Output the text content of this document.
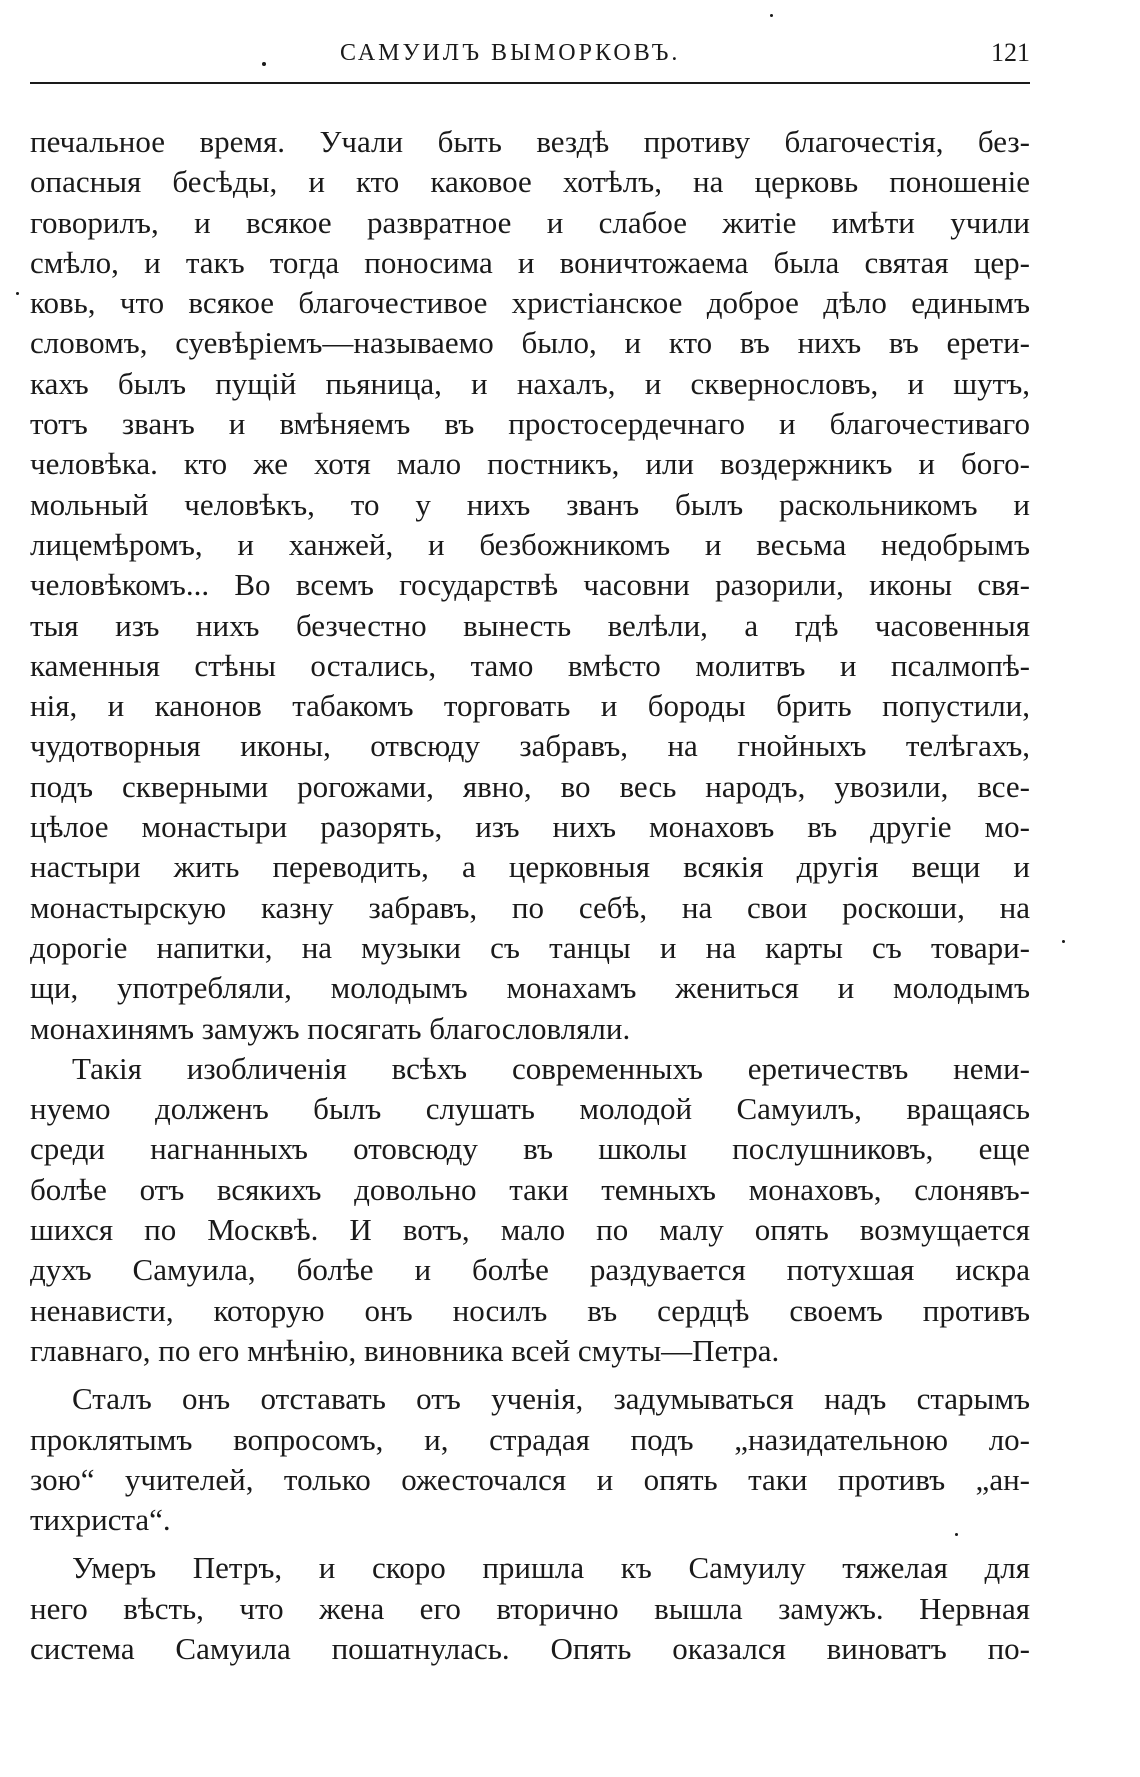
САМУИЛЪ ВЫМОРКОВЪ.	121
печальное время. Учали быть вездѣ противу благочестія, без-
опасныя бесѣды, и кто каковое хотѣлъ, на церковь поношеніе
говорилъ, и всякое развратное и слабое житіе имѣти учили
смѣло, и такъ тогда поносима и воничтожаема была святая цер-
ковь, что всякое благочестивое христіанское доброе дѣло единымъ
словомъ, суевѣріемъ—называемо было, и кто въ нихъ въ ерети-
кахъ былъ пущій пьяница, и нахалъ, и сквернословъ, и шутъ,
тотъ званъ и вмѣняемъ въ простосердечнаго и благочестиваго
человѣка. кто же хотя мало постникъ, или воздержникъ и бого-
мольный человѣкъ, то у нихъ званъ былъ раскольникомъ и
лицемѣромъ, и ханжей, и безбожникомъ и весьма недобрымъ
человѣкомъ... Во всемъ государствѣ часовни разорили, иконы свя-
тыя изъ нихъ безчестно вынесть велѣли, а гдѣ часовенныя
каменныя стѣны остались, тамо вмѣсто молитвъ и псалмопѣ-
нія, и канонов табакомъ торговать и бороды брить попустили,
чудотворныя иконы, отвсюду забравъ, на гнойныхъ телѣгахъ,
подъ скверными рогожами, явно, во весь народъ, увозили, все-
цѣлое монастыри разорять, изъ нихъ монаховъ въ другіе мо-
настыри жить переводить, а церковныя всякія другія вещи и
монастырскую казну забравъ, по себѣ, на свои роскоши, на
дорогіе напитки, на музыки съ танцы и на карты съ товари-
щи, употребляли, молодымъ монахамъ жениться и молодымъ
монахинямъ замужъ посягать благословляли.
Такія изобличенія всѣхъ современныхъ еретичествъ неми-
нуемо долженъ былъ слушать молодой Самуилъ, вращаясь
среди нагнанныхъ отовсюду въ школы послушниковъ, еще
болѣе отъ всякихъ довольно таки темныхъ монаховъ, слонявъ-
шихся по Москвѣ. И вотъ, мало по малу опять возмущается
духъ Самуила, болѣе и болѣе раздувается потухшая искра
ненависти, которую онъ носилъ въ сердцѣ своемъ противъ
главнаго, по его мнѣнію, виновника всей смуты—Петра.
Сталъ онъ отставать отъ ученія, задумываться надъ старымъ
проклятымъ вопросомъ, и, страдая подъ „назидательною ло-
зою“ учителей, только ожесточался и опять таки противъ „ан-
тихриста“.
Умеръ Петръ, и скоро пришла къ Самуилу тяжелая для
него вѣсть, что жена его вторично вышла замужъ. Нервная
система Самуила пошатнулась. Опять оказался виноватъ по-
